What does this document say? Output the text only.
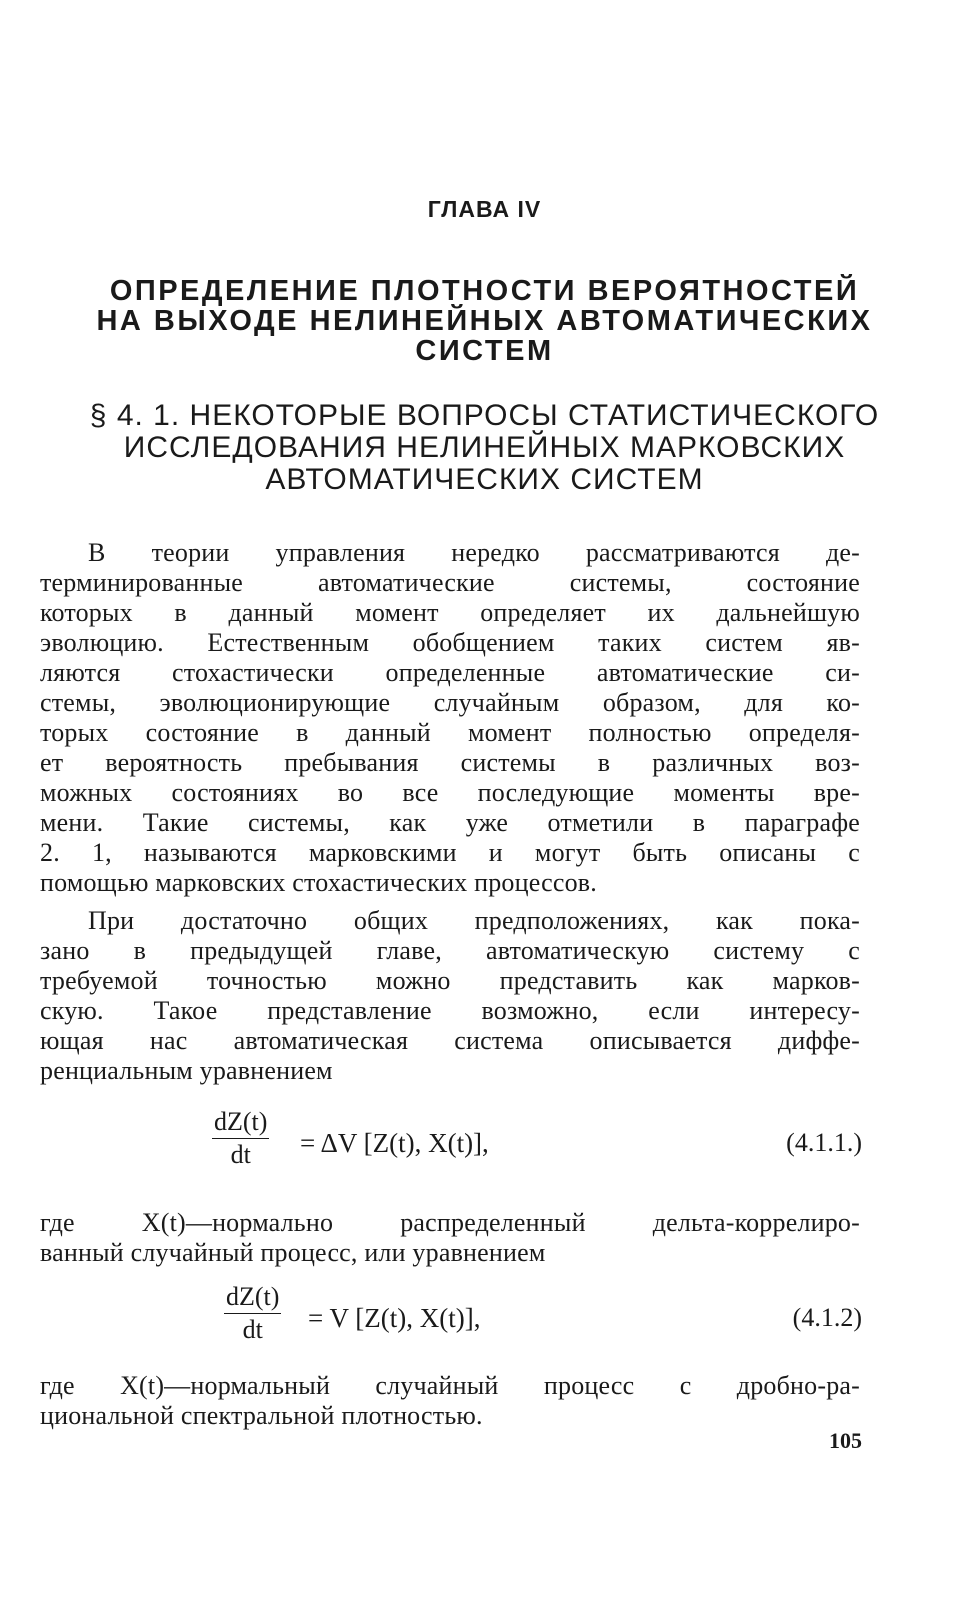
ГЛАВА IV
ОПРЕДЕЛЕНИЕ ПЛОТНОСТИ ВЕРОЯТНОСТЕЙ
НА ВЫХОДЕ НЕЛИНЕЙНЫХ АВТОМАТИЧЕСКИХ
СИСТЕМ
§ 4. 1. НЕКОТОРЫЕ ВОПРОСЫ СТАТИСТИЧЕСКОГО
ИССЛЕДОВАНИЯ НЕЛИНЕЙНЫХ МАРКОВСКИХ
АВТОМАТИЧЕСКИХ СИСТЕМ
В теории управления нередко рассматриваются де-
терминированные автоматические системы, состояние
которых в данный момент определяет их дальнейшую
эволюцию. Естественным обобщением таких систем яв-
ляются стохастически определенные автоматические си-
стемы, эволюционирующие случайным образом, для ко-
торых состояние в данный момент полностью определя-
ет вероятность пребывания системы в различных воз-
можных состояниях во все последующие моменты вре-
мени. Такие системы, как уже отметили в параграфе
2. 1, называются марковскими и могут быть описаны с
помощью марковских стохастических процессов.
При достаточно общих предположениях, как пока-
зано в предыдущей главе, автоматическую систему с
требуемой точностью можно представить как марков-
скую. Такое представление возможно, если интересу-
ющая нас автоматическая система описывается диффе-
ренциальным уравнением
$\frac{dZ(t)}{dt} = \Delta V$ [Z(t), X(t)],	(4.1.1.)
где X(t)—нормально распределенный дельта-коррелиро-
ванный случайный процесс, или уравнением
$\frac{dZ(t)}{dt} = V$ [Z(t), X(t)],	(4.1.2)
где X(t)—нормальный случайный процесс с дробно-ра-
циональной спектральной плотностью.
105
